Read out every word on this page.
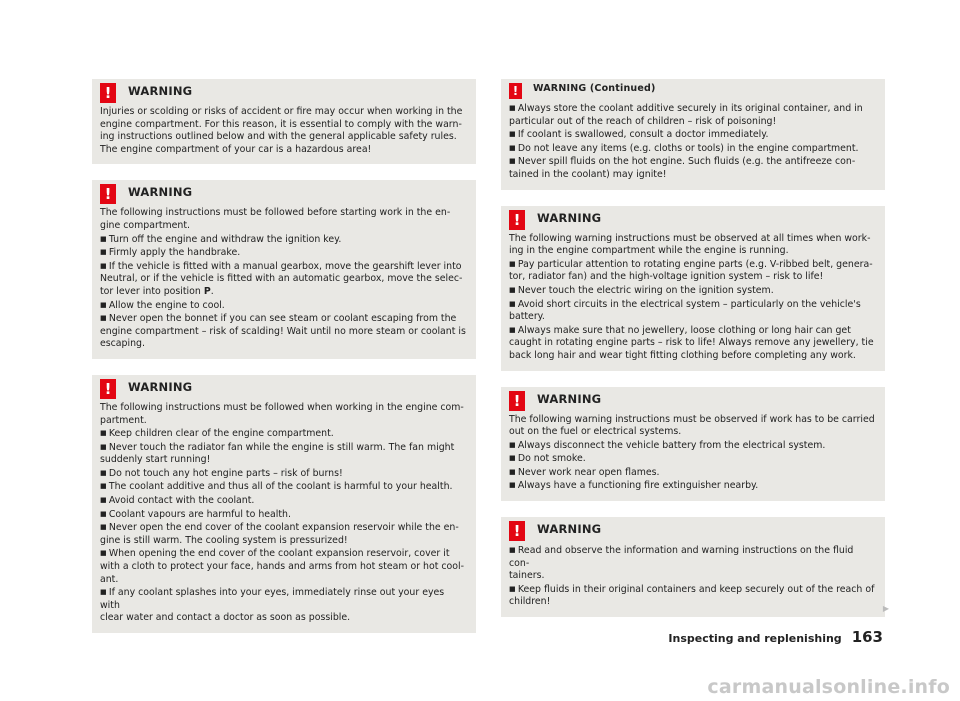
!	WARNING

Injuries or scolding or risks of accident or fire may occur when working in the

engine compartment. For this reason, it is essential to comply with the warn-

ing instructions outlined below and with the general applicable safety rules.

The engine compartment of your car is a hazardous area!

!	WARNING

The following instructions must be followed before starting work in the en-

gine compartment.

■ Turn off the engine and withdraw the ignition key.

■ Firmly apply the handbrake.

■ If the vehicle is fitted with a manual gearbox, move the gearshift lever into

Neutral, or if the vehicle is fitted with an automatic gearbox, move the selec-

tor lever into position P.

■ Allow the engine to cool.

■ Never open the bonnet if you can see steam or coolant escaping from the

engine compartment – risk of scalding! Wait until no more steam or coolant is

escaping.

!	WARNING

The following instructions must be followed when working in the engine com-

partment.

■ Keep children clear of the engine compartment.

■ Never touch the radiator fan while the engine is still warm. The fan might

suddenly start running!

■ Do not touch any hot engine parts – risk of burns!

■ The coolant additive and thus all of the coolant is harmful to your health.

■ Avoid contact with the coolant.

■ Coolant vapours are harmful to health.

■ Never open the end cover of the coolant expansion reservoir while the en-

gine is still warm. The cooling system is pressurized!

■ When opening the end cover of the coolant expansion reservoir, cover it

with a cloth to protect your face, hands and arms from hot steam or hot cool-

ant.

■ If any coolant splashes into your eyes, immediately rinse out your eyes with

clear water and contact a doctor as soon as possible.

!	WARNING (Continued)

■ Always store the coolant additive securely in its original container, and in

particular out of the reach of children – risk of poisoning!

■ If coolant is swallowed, consult a doctor immediately.

■ Do not leave any items (e.g. cloths or tools) in the engine compartment.

■ Never spill fluids on the hot engine. Such fluids (e.g. the antifreeze con-

tained in the coolant) may ignite!

!	WARNING

The following warning instructions must be observed at all times when work-

ing in the engine compartment while the engine is running.

■ Pay particular attention to rotating engine parts (e.g. V-ribbed belt, genera-

tor, radiator fan) and the high-voltage ignition system – risk to life!

■ Never touch the electric wiring on the ignition system.

■ Avoid short circuits in the electrical system – particularly on the vehicle's

battery.

■ Always make sure that no jewellery, loose clothing or long hair can get

caught in rotating engine parts – risk to life! Always remove any jewellery, tie

back long hair and wear tight fitting clothing before completing any work.

!	WARNING

The following warning instructions must be observed if work has to be carried

out on the fuel or electrical systems.

■ Always disconnect the vehicle battery from the electrical system.

■ Do not smoke.

■ Never work near open flames.

■ Always have a functioning fire extinguisher nearby.

!	WARNING

■ Read and observe the information and warning instructions on the fluid con-

tainers.

■ Keep fluids in their original containers and keep securely out of the reach of

children!

▶
Inspecting and replenishing 163
carmanualsonline.info
